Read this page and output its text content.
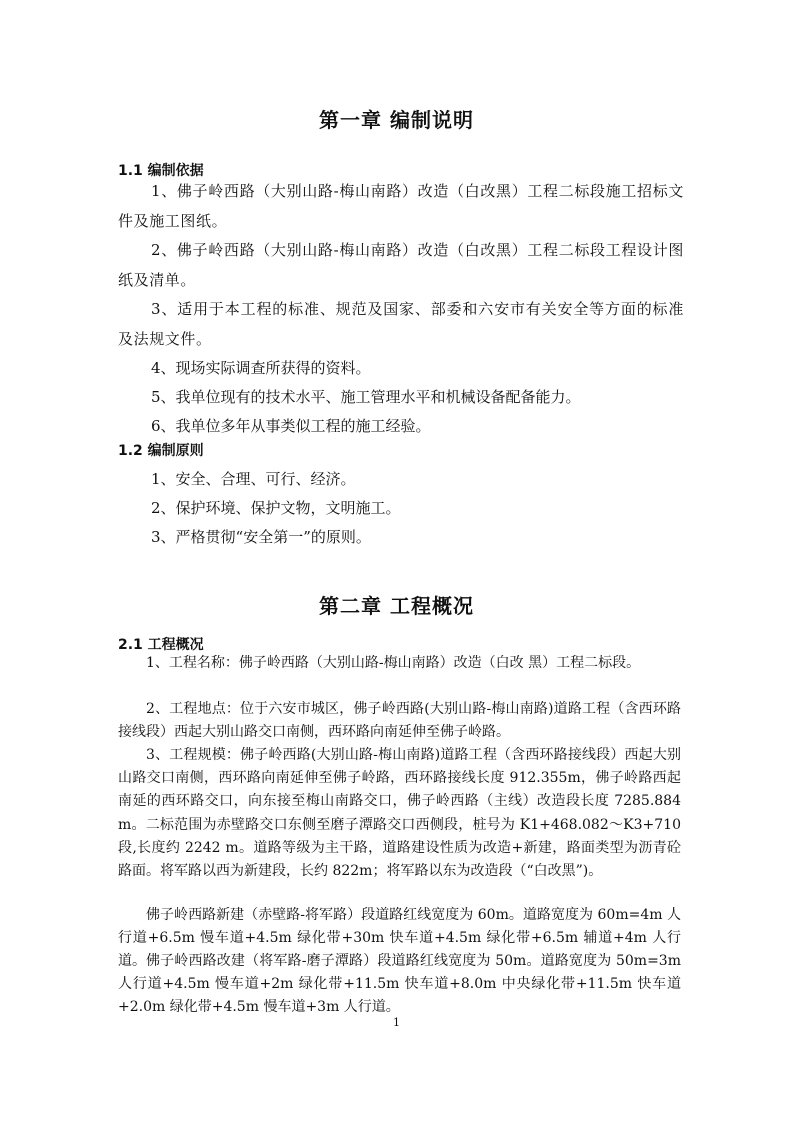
第一章 编制说明
1.1 编制依据

1、佛子岭西路（大别山路-梅山南路）改造（白改黑）工程二标段施工招标文件及施工图纸。

2、佛子岭西路（大别山路-梅山南路）改造（白改黑）工程二标段工程设计图纸及清单。

3、适用于本工程的标准、规范及国家、部委和六安市有关安全等方面的标准及法规文件。

4、现场实际调查所获得的资料。

5、我单位现有的技术水平、施工管理水平和机械设备配备能力。

6、我单位多年从事类似工程的施工经验。

1.2 编制原则

1、安全、合理、可行、经济。

2、保护环境、保护文物，文明施工。

3、严格贯彻“安全第一”的原则。

第二章 工程概况
2.1 工程概况

1、工程名称：佛子岭西路（大别山路-梅山南路）改造（白改 黑）工程二标段。

2、工程地点：位于六安市城区，佛子岭西路(大别山路-梅山南路)道路工程（含西环路接线段）西起大别山路交口南侧，西环路向南延伸至佛子岭路。

3、工程规模：佛子岭西路(大别山路-梅山南路)道路工程（含西环路接线段）西起大别山路交口南侧，西环路向南延伸至佛子岭路，西环路接线长度 912.355m，佛子岭路西起南延的西环路交口，向东接至梅山南路交口，佛子岭西路（主线）改造段长度 7285.884 m。二标范围为赤壁路交口东侧至磨子潭路交口西侧段，桩号为 K1+468.082～K3+710 段,长度约 2242 m。道路等级为主干路，道路建设性质为改造+新建，路面类型为沥青砼路面。将军路以西为新建段，长约 822m；将军路以东为改造段（“白改黑”)。

佛子岭西路新建（赤壁路-将军路）段道路红线宽度为 60m。道路宽度为 60m=4m 人行道+6.5m 慢车道+4.5m 绿化带+30m 快车道+4.5m 绿化带+6.5m 辅道+4m 人行道。 佛子岭西路改建（将军路-磨子潭路）段道路红线宽度为 50m。道路宽度为 50m=3m 人行道+4.5m 慢车道+2m 绿化带+11.5m 快车道+8.0m 中央绿化带+11.5m 快车道+2.0m 绿化带+4.5m 慢车道+3m 人行道。

1
